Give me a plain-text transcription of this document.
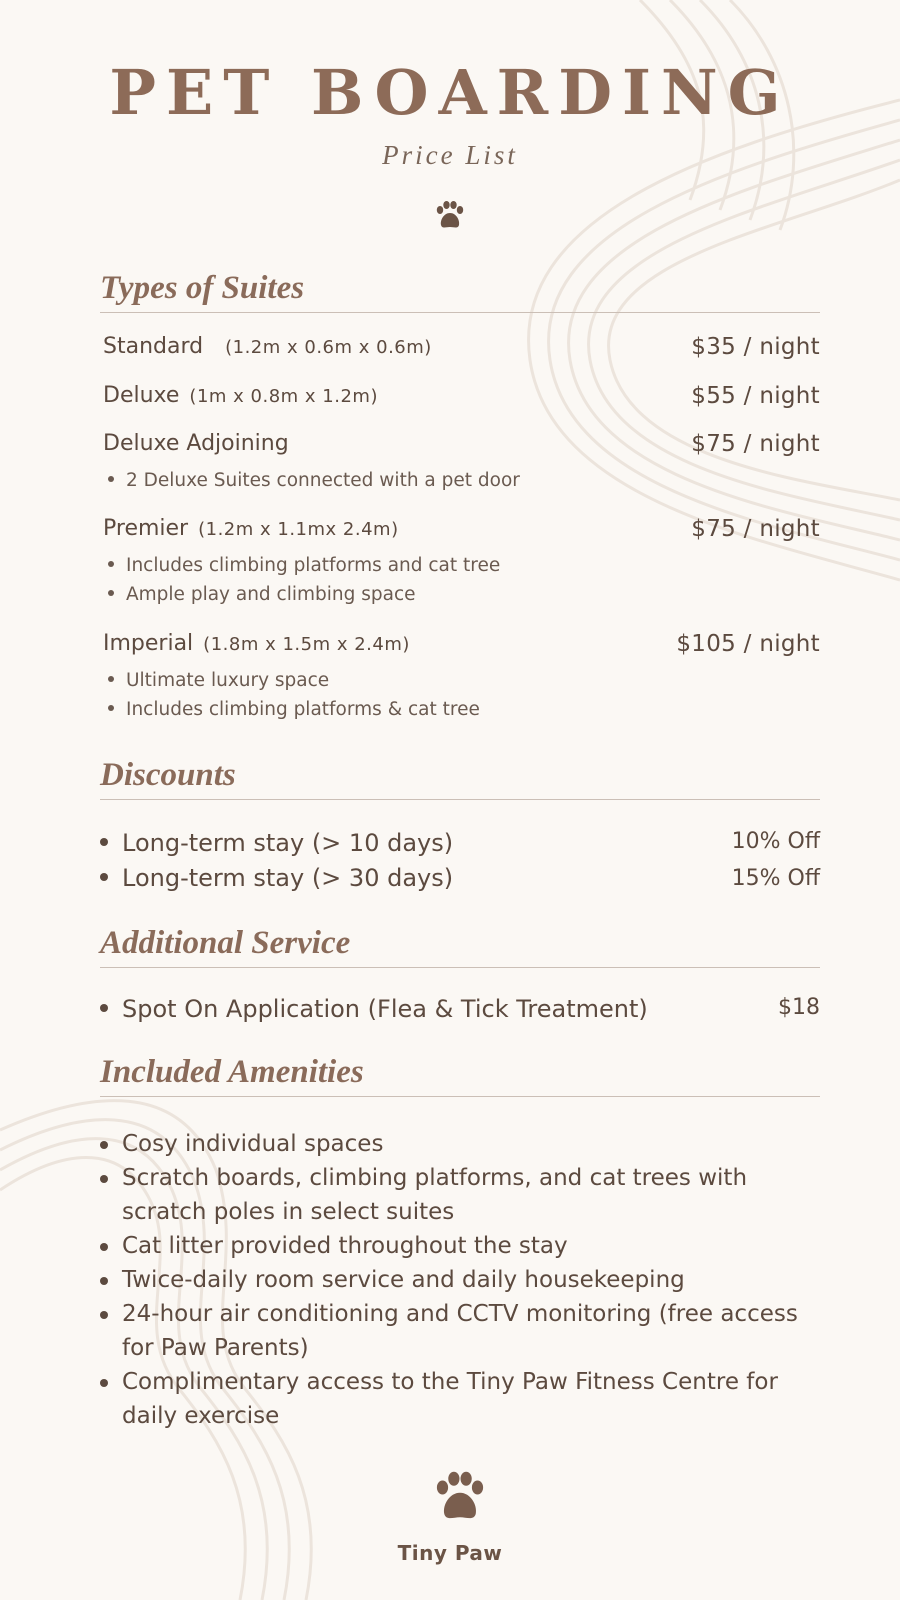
PET BOARDING
Price List
Types of Suites
Standard (1.2m x 0.6m x 0.6m)	$35 / night
Deluxe (1m x 0.8m x 1.2m)	$55 / night
Deluxe Adjoining	$75 / night
2 Deluxe Suites connected with a pet door
Premier (1.2m x 1.1mx 2.4m)	$75 / night
Includes climbing platforms and cat tree
Ample play and climbing space
Imperial (1.8m x 1.5m x 2.4m)	$105 / night
Ultimate luxury space
Includes climbing platforms & cat tree
Discounts
Long-term stay (> 10 days)	10% Off
Long-term stay (> 30 days)	15% Off
Additional Service
Spot On Application (Flea & Tick Treatment)	$18
Included Amenities
Cosy individual spaces
Scratch boards, climbing platforms, and cat trees with scratch poles in select suites
Cat litter provided throughout the stay
Twice-daily room service and daily housekeeping
24-hour air conditioning and CCTV monitoring (free access for Paw Parents)
Complimentary access to the Tiny Paw Fitness Centre for daily exercise
Tiny Paw
